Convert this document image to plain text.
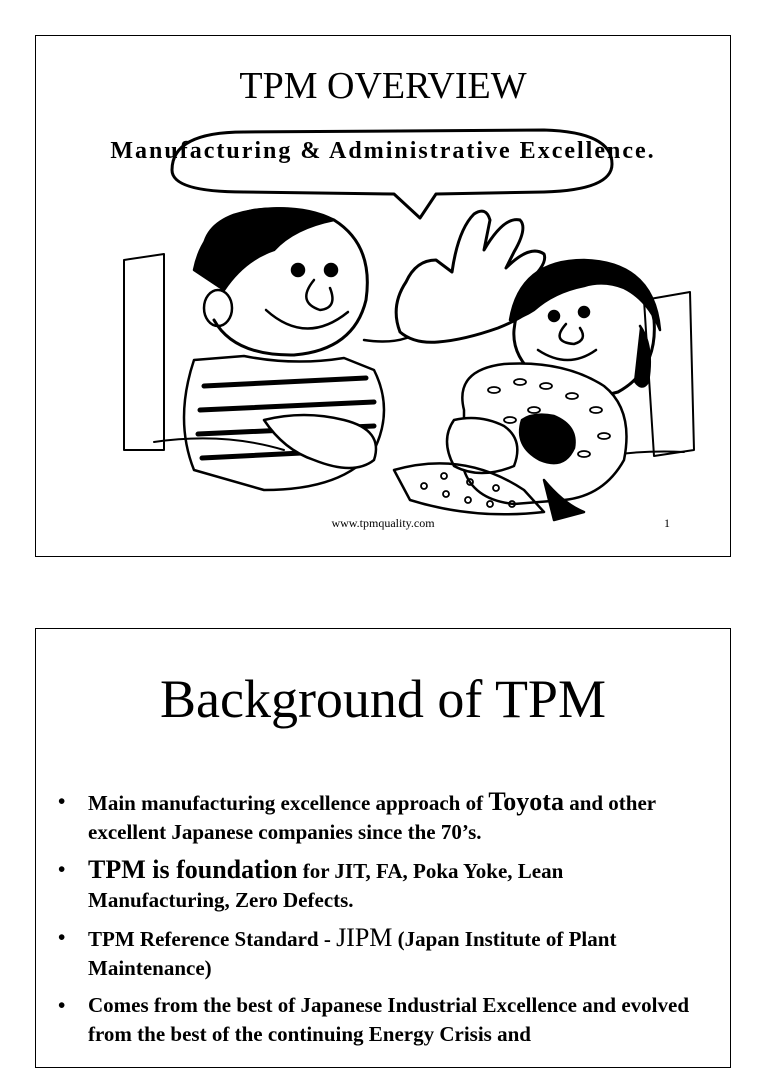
TPM OVERVIEW
Manufacturing & Administrative Excellence.
www.tpmquality.com	1
Background of TPM
• Main manufacturing excellence approach of Toyota and other excellent Japanese companies since the 70’s.
• TPM is foundation for JIT, FA, Poka Yoke, Lean Manufacturing, Zero Defects.
• TPM Reference Standard - JIPM (Japan Institute of Plant Maintenance)
• Comes from the best of Japanese Industrial Excellence and evolved from the best of the continuing Energy Crisis and
